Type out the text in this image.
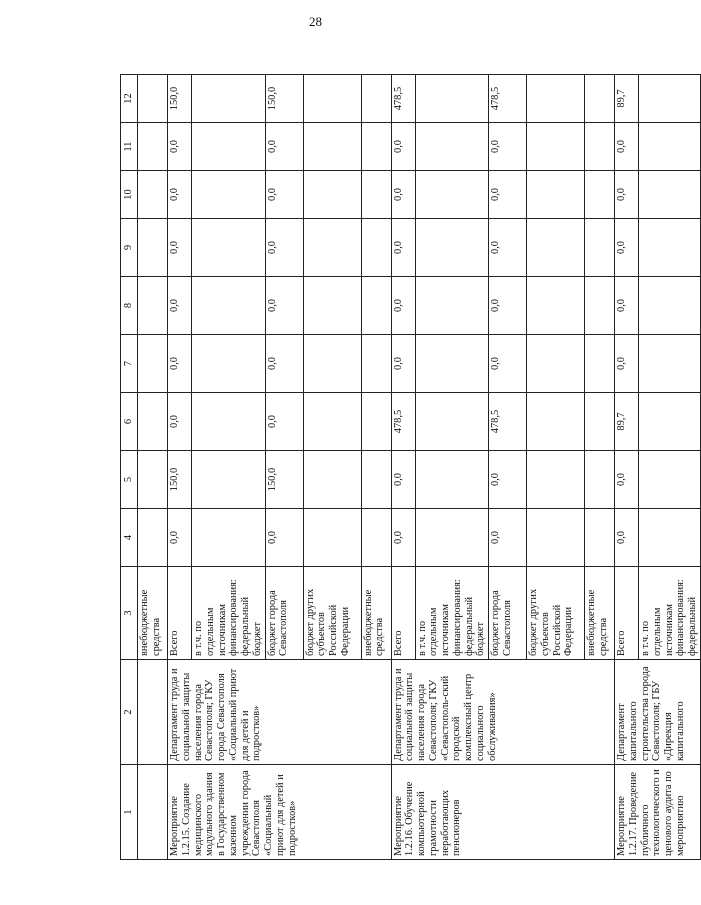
28
1	2	3	4	5	6	7	8	9	10	11	12
		внебюджетные средства									
Мероприятие 1.2.15. Создание медицинского модульного здания в Государственном казенном учреждении города Севастополя «Социальный приют для детей и подростков»	Департамент труда и социальной защиты населения города Севастополя; ГКУ города Севастополя «Социальный приют для детей и подростков»	Всего	0,0	150,0	0,0	0,0	0,0	0,0	0,0	0,0	150,0
		в т.ч. по отдельным источникам финансирования: федеральный бюджет									
		бюджет города Севастополя	0,0	150,0	0,0	0,0	0,0	0,0	0,0	0,0	150,0
		бюджет других субъектов Российской Федерации									
		внебюджетные средства									
Мероприятие 1.2.16. Обучение компьютерной грамотности неработающих пенсионеров	Департамент труда и социальной защиты населения города Севастополя; ГКУ «Севастополь-ский городской комплексный центр социального обслуживания»	Всего	0,0	0,0	478,5	0,0	0,0	0,0	0,0	0,0	478,5
		в т.ч. по отдельным источникам финансирования: федеральный бюджет									
		бюджет города Севастополя	0,0	0,0	478,5	0,0	0,0	0,0	0,0	0,0	478,5
		бюджет других субъектов Российской Федерации									
		внебюджетные средства									
Мероприятие 1.2.17. Проведение публичного технологического и ценового аудита по мероприятию	Департамент капитального строительства города Севастополя; ГБУ «Дирекция капитального	Всего	0,0	0,0	89,7	0,0	0,0	0,0	0,0	0,0	89,7
		в т.ч. по отдельным источникам финансирования: федеральный									
